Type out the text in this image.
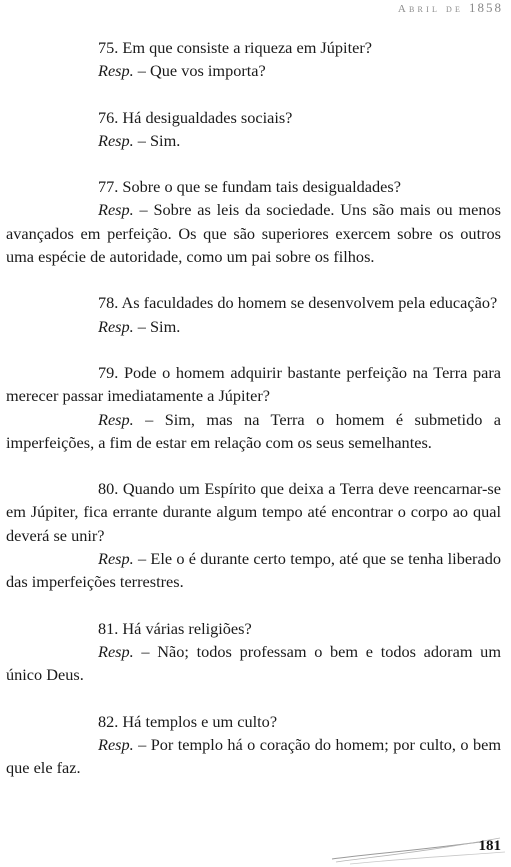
Abril de 1858

75. Em que consiste a riqueza em Júpiter?

Resp. – Que vos importa?

76. Há desigualdades sociais?

Resp. – Sim.

77. Sobre o que se fundam tais desigualdades?

Resp. – Sobre as leis da sociedade. Uns são mais ou menos avançados em perfeição. Os que são superiores exercem sobre os outros uma espécie de autoridade, como um pai sobre os filhos.

78. As faculdades do homem se desenvolvem pela educação?

Resp. – Sim.

79. Pode o homem adquirir bastante perfeição na Terra para merecer passar imediatamente a Júpiter?

Resp. – Sim, mas na Terra o homem é submetido a imperfeições, a fim de estar em relação com os seus semelhantes.

80. Quando um Espírito que deixa a Terra deve reencarnar-se em Júpiter, fica errante durante algum tempo até encontrar o corpo ao qual deverá se unir?

Resp. – Ele o é durante certo tempo, até que se tenha liberado das imperfeições terrestres.

81. Há várias religiões?

Resp. – Não; todos professam o bem e todos adoram um único Deus.

82. Há templos e um culto?

Resp. – Por templo há o coração do homem; por culto, o bem que ele faz.

181
